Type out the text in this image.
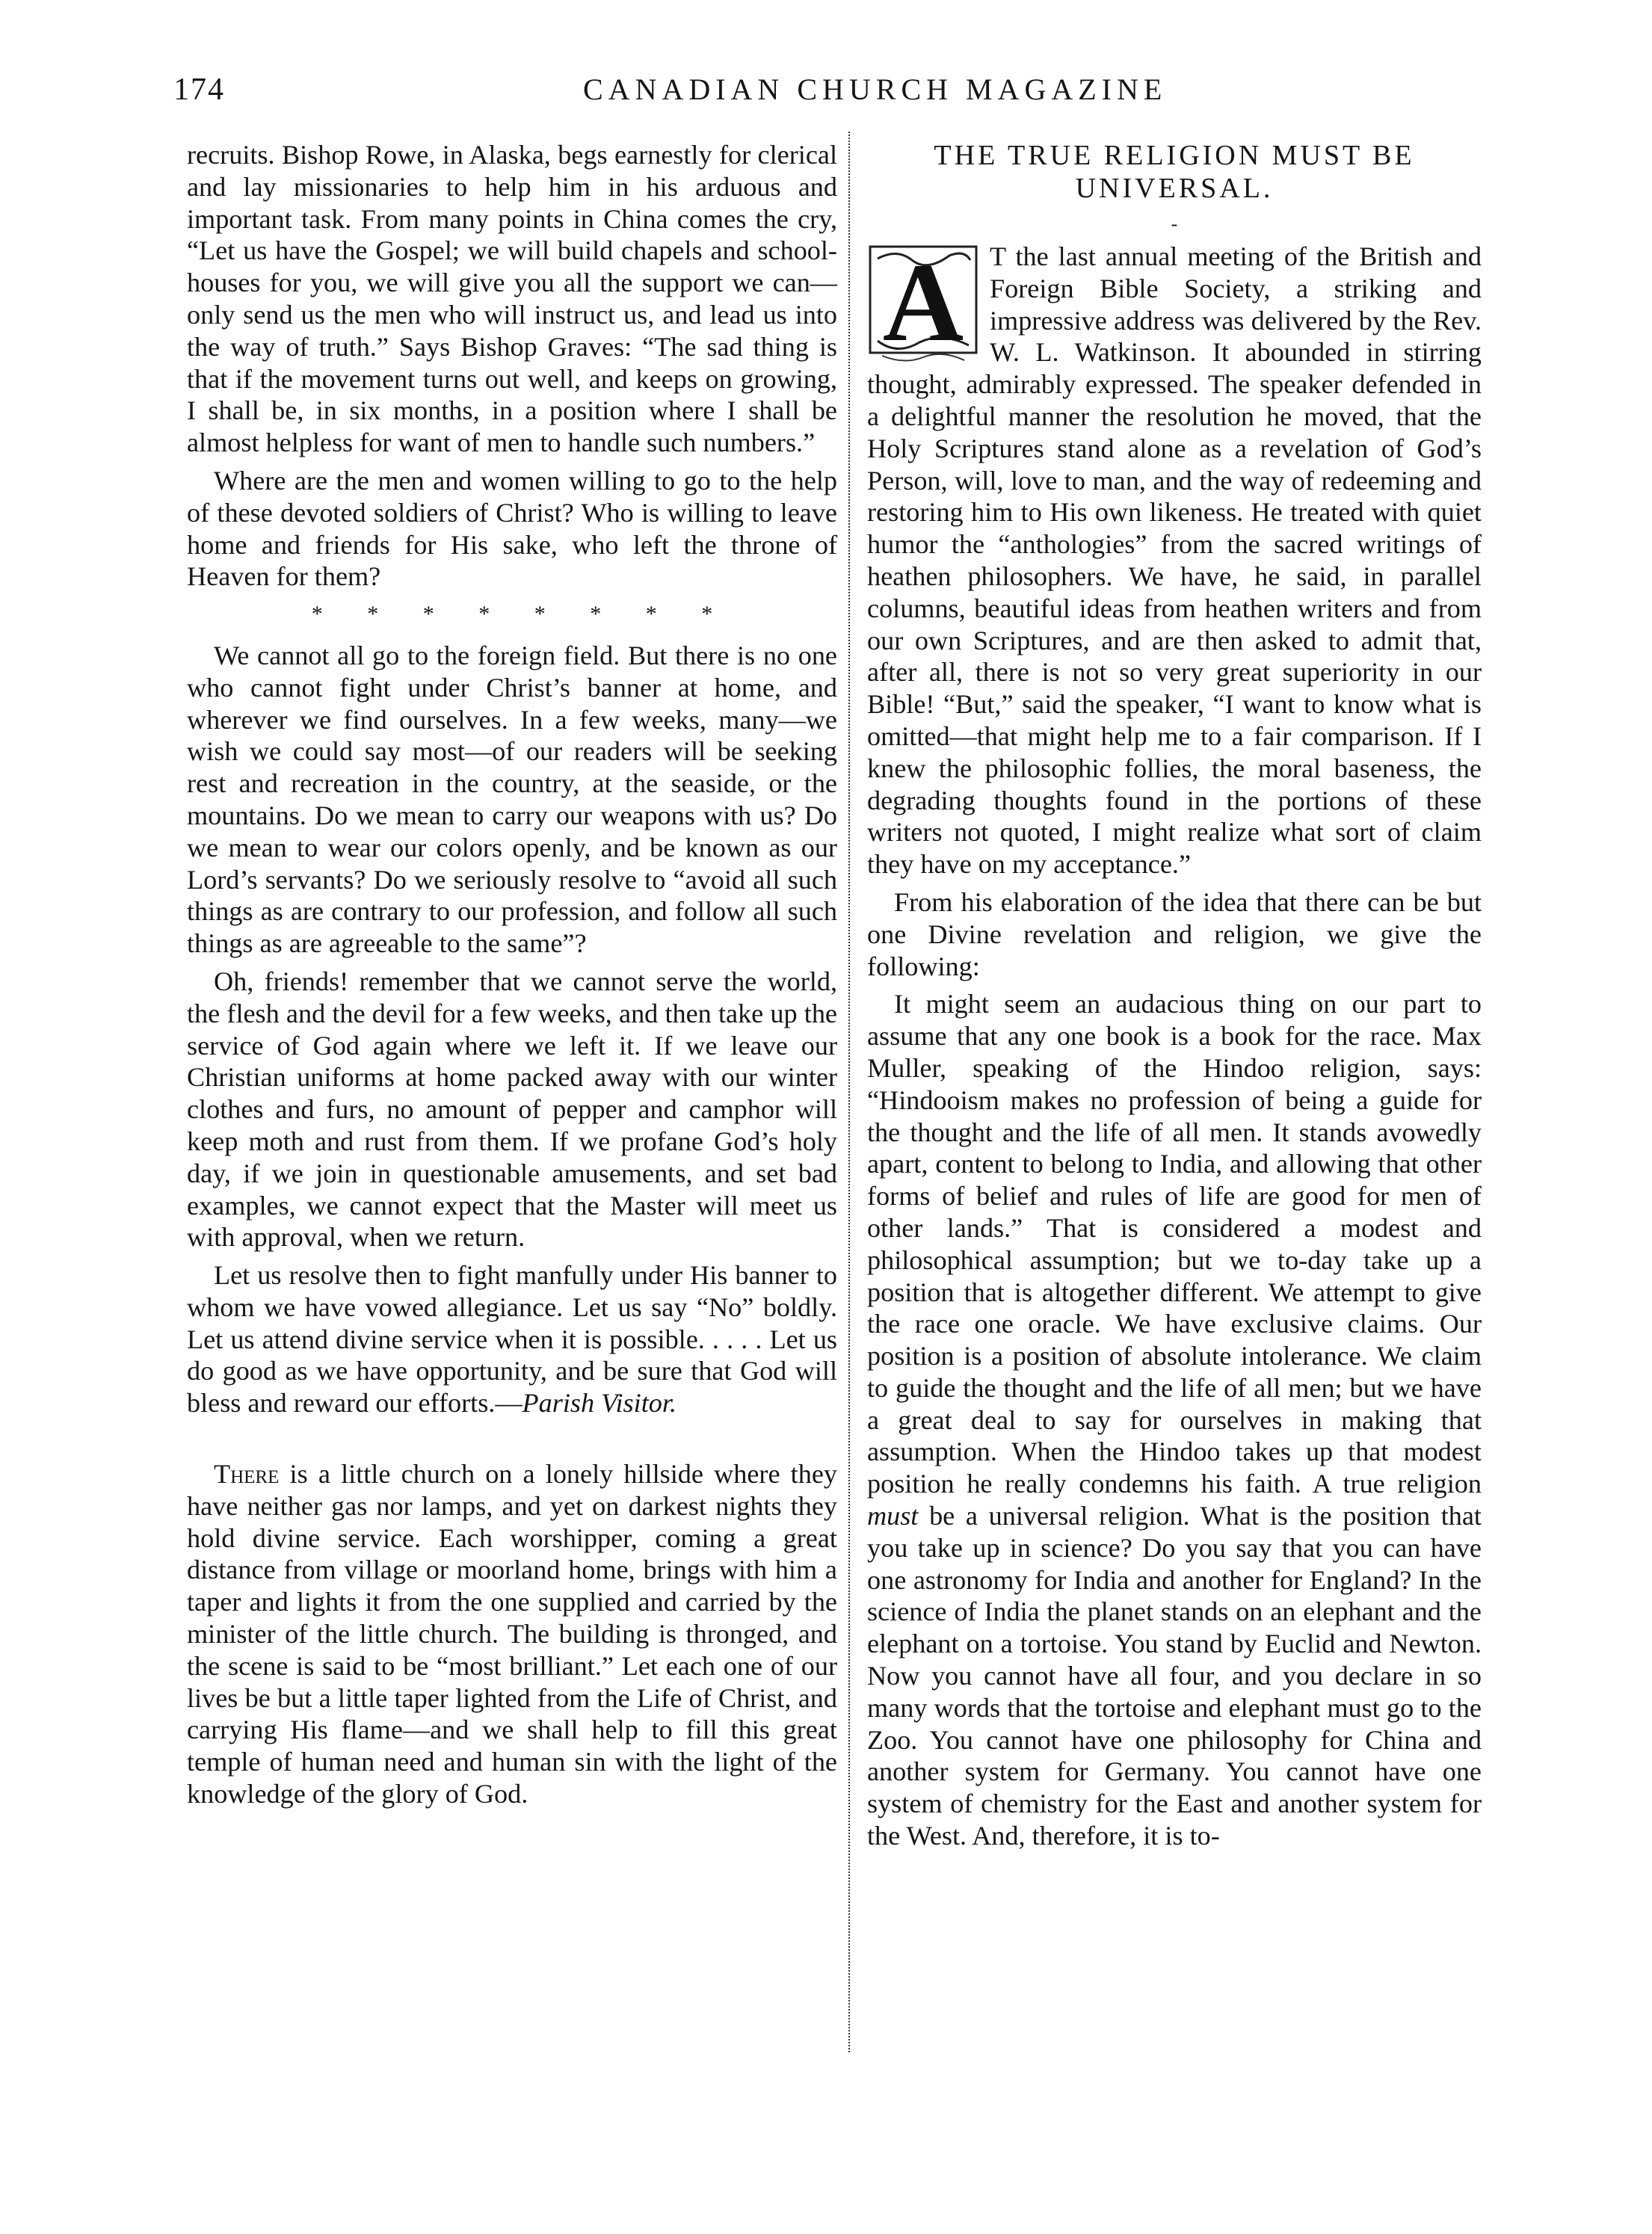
174	CANADIAN CHURCH MAGAZINE

recruits. Bishop Rowe, in Alaska, begs earnestly for clerical and lay missionaries to help him in his arduous and important task. From many points in China comes the cry, “Let us have the Gospel; we will build chapels and school-houses for you, we will give you all the support we can—only send us the men who will instruct us, and lead us into the way of truth.” Says Bishop Graves: “The sad thing is that if the movement turns out well, and keeps on growing, I shall be, in six months, in a position where I shall be almost helpless for want of men to handle such numbers.”

Where are the men and women willing to go to the help of these devoted soldiers of Christ? Who is willing to leave home and friends for His sake, who left the throne of Heaven for them?

* * * * * * * *

We cannot all go to the foreign field. But there is no one who cannot fight under Christ’s banner at home, and wherever we find ourselves. In a few weeks, many—we wish we could say most—of our readers will be seeking rest and recreation in the country, at the seaside, or the mountains. Do we mean to carry our weapons with us? Do we mean to wear our colors openly, and be known as our Lord’s servants? Do we seriously resolve to “avoid all such things as are contrary to our profession, and follow all such things as are agreeable to the same”?

Oh, friends! remember that we cannot serve the world, the flesh and the devil for a few weeks, and then take up the service of God again where we left it. If we leave our Christian uniforms at home packed away with our winter clothes and furs, no amount of pepper and camphor will keep moth and rust from them. If we profane God’s holy day, if we join in questionable amusements, and set bad examples, we cannot expect that the Master will meet us with approval, when we return.

Let us resolve then to fight manfully under His banner to whom we have vowed allegiance. Let us say “No” boldly. Let us attend divine service when it is possible. . . . . Let us do good as we have opportunity, and be sure that God will bless and reward our efforts.—Parish Visitor.

There is a little church on a lonely hillside where they have neither gas nor lamps, and yet on darkest nights they hold divine service. Each worshipper, coming a great distance from village or moorland home, brings with him a taper and lights it from the one supplied and carried by the minister of the little church. The building is thronged, and the scene is said to be “most brilliant.” Let each one of our lives be but a little taper lighted from the Life of Christ, and carrying His flame—and we shall help to fill this great temple of human need and human sin with the light of the knowledge of the glory of God.

THE TRUE RELIGION MUST BE UNIVERSAL.
-

A T the last annual meeting of the British and Foreign Bible Society, a striking and impressive address was delivered by the Rev. W. L. Watkinson. It abounded in stirring thought, admirably expressed. The speaker defended in a delightful manner the resolution he moved, that the Holy Scriptures stand alone as a revelation of God’s Person, will, love to man, and the way of redeeming and restoring him to His own likeness. He treated with quiet humor the “anthologies” from the sacred writings of heathen philosophers. We have, he said, in parallel columns, beautiful ideas from heathen writers and from our own Scriptures, and are then asked to admit that, after all, there is not so very great superiority in our Bible! “But,” said the speaker, “I want to know what is omitted—that might help me to a fair comparison. If I knew the philosophic follies, the moral baseness, the degrading thoughts found in the portions of these writers not quoted, I might realize what sort of claim they have on my acceptance.”

From his elaboration of the idea that there can be but one Divine revelation and religion, we give the following:

It might seem an audacious thing on our part to assume that any one book is a book for the race. Max Muller, speaking of the Hindoo religion, says: “Hindooism makes no profession of being a guide for the thought and the life of all men. It stands avowedly apart, content to belong to India, and allowing that other forms of belief and rules of life are good for men of other lands.” That is considered a modest and philosophical assumption; but we to-day take up a position that is altogether different. We attempt to give the race one oracle. We have exclusive claims. Our position is a position of absolute intolerance. We claim to guide the thought and the life of all men; but we have a great deal to say for ourselves in making that assumption. When the Hindoo takes up that modest position he really condemns his faith. A true religion must be a universal religion. What is the position that you take up in science? Do you say that you can have one astronomy for India and another for England? In the science of India the planet stands on an elephant and the elephant on a tortoise. You stand by Euclid and Newton. Now you cannot have all four, and you declare in so many words that the tortoise and elephant must go to the Zoo. You cannot have one philosophy for China and another system for Germany. You cannot have one system of chemistry for the East and another system for the West. And, therefore, it is to-
